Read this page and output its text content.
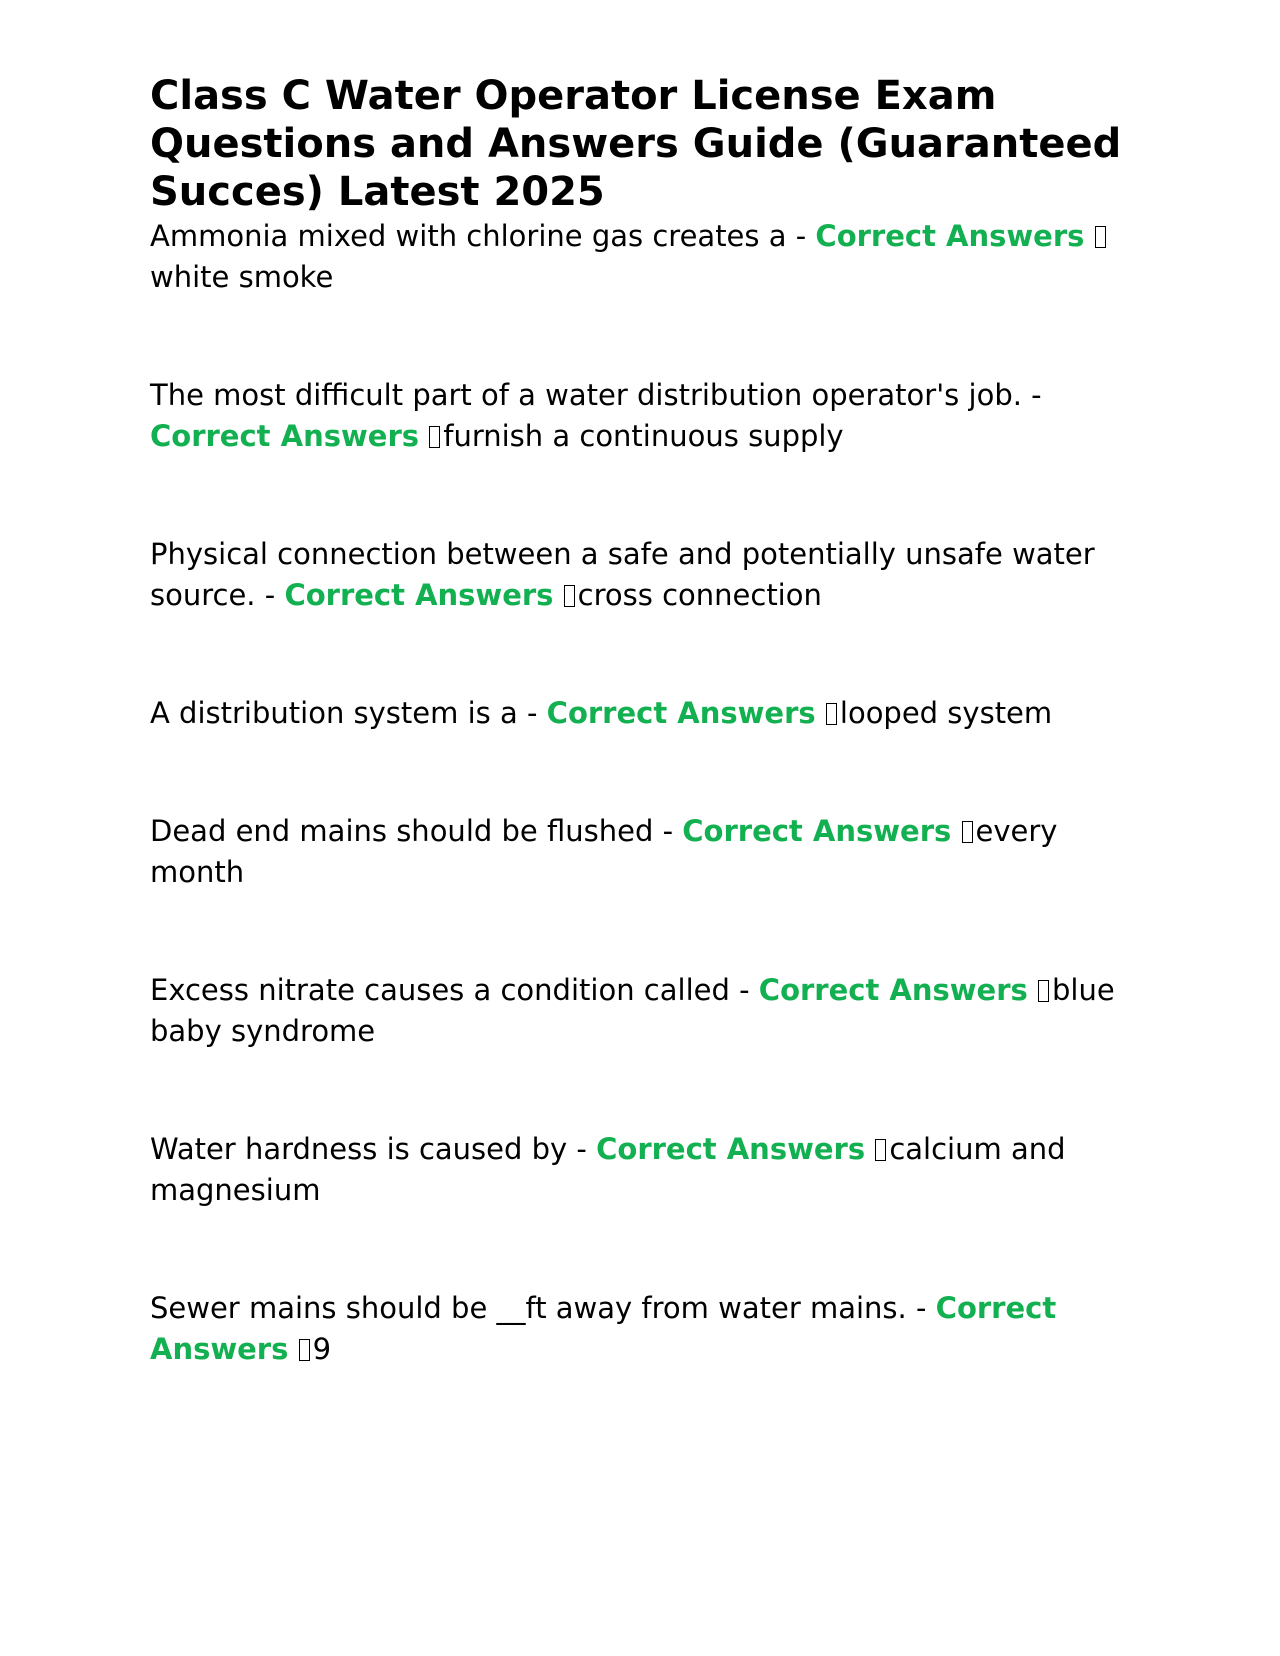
Class C Water Operator License Exam Questions and Answers Guide (Guaranteed Succes) Latest 2025
Ammonia mixed with chlorine gas creates a - Correct Answers white smoke
The most difficult part of a water distribution operator's job. - Correct Answers furnish a continuous supply
Physical connection between a safe and potentially unsafe water source. - Correct Answers cross connection
A distribution system is a - Correct Answers looped system
Dead end mains should be flushed - Correct Answers every month
Excess nitrate causes a condition called - Correct Answers blue baby syndrome
Water hardness is caused by - Correct Answers calcium and magnesium
Sewer mains should be __ft away from water mains. - Correct Answers 9
